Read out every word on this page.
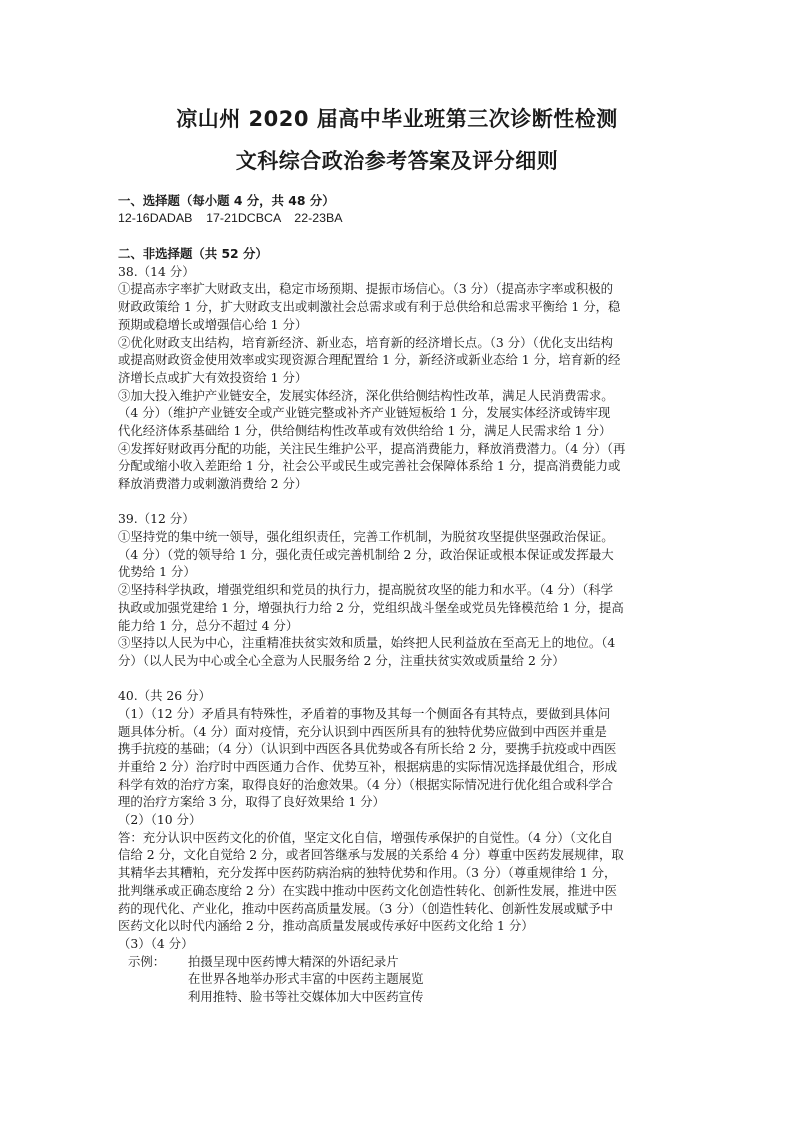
凉山州 2020 届高中毕业班第三次诊断性检测
文科综合政治参考答案及评分细则
一、选择题（每小题 4 分，共 48 分）
12-16DADAB    17-21DCBCA    22-23BA
二、非选择题（共 52 分）
38.（14 分）
①提高赤字率扩大财政支出，稳定市场预期、提振市场信心。（3 分）（提高赤字率或积极的
财政政策给 1 分，扩大财政支出或刺激社会总需求或有利于总供给和总需求平衡给 1 分，稳
预期或稳增长或增强信心给 1 分）
②优化财政支出结构，培育新经济、新业态，培育新的经济增长点。（3 分）（优化支出结构
或提高财政资金使用效率或实现资源合理配置给 1 分，新经济或新业态给 1 分，培育新的经
济增长点或扩大有效投资给 1 分）
③加大投入维护产业链安全，发展实体经济，深化供给侧结构性改革，满足人民消费需求。
（4 分）（维护产业链安全或产业链完整或补齐产业链短板给 1 分，发展实体经济或铸牢现
代化经济体系基础给 1 分，供给侧结构性改革或有效供给给 1 分，满足人民需求给 1 分）
④发挥好财政再分配的功能，关注民生维护公平，提高消费能力，释放消费潜力。（4 分）（再
分配或缩小收入差距给 1 分，社会公平或民生或完善社会保障体系给 1 分，提高消费能力或
释放消费潜力或刺激消费给 2 分）
39.（12 分）
①坚持党的集中统一领导，强化组织责任，完善工作机制，为脱贫攻坚提供坚强政治保证。
（4 分）（党的领导给 1 分，强化责任或完善机制给 2 分，政治保证或根本保证或发挥最大
优势给 1 分）
②坚持科学执政，增强党组织和党员的执行力，提高脱贫攻坚的能力和水平。（4 分）（科学
执政或加强党建给 1 分，增强执行力给 2 分，党组织战斗堡垒或党员先锋模范给 1 分，提高
能力给 1 分，总分不超过 4 分）
③坚持以人民为中心，注重精准扶贫实效和质量，始终把人民利益放在至高无上的地位。（4
分）（以人民为中心或全心全意为人民服务给 2 分，注重扶贫实效或质量给 2 分）
40.（共 26 分）
（1）（12 分）矛盾具有特殊性，矛盾着的事物及其每一个侧面各有其特点，要做到具体问
题具体分析。（4 分）面对疫情，充分认识到中西医所具有的独特优势应做到中西医并重是
携手抗疫的基础；（4 分）（认识到中西医各具优势或各有所长给 2 分，要携手抗疫或中西医
并重给 2 分）治疗时中西医通力合作、优势互补，根据病患的实际情况选择最优组合，形成
科学有效的治疗方案，取得良好的治愈效果。（4 分）（根据实际情况进行优化组合或科学合
理的治疗方案给 3 分，取得了良好效果给 1 分）
（2）（10 分）
答：充分认识中医药文化的价值，坚定文化自信，增强传承保护的自觉性。（4 分）（文化自
信给 2 分，文化自觉给 2 分，或者回答继承与发展的关系给 4 分）尊重中医药发展规律，取
其精华去其糟粕，充分发挥中医药防病治病的独特优势和作用。（3 分）（尊重规律给 1 分，
批判继承或正确态度给 2 分）在实践中推动中医药文化创造性转化、创新性发展，推进中医
药的现代化、产业化，推动中医药高质量发展。（3 分）（创造性转化、创新性发展或赋予中
医药文化以时代内涵给 2 分，推动高质量发展或传承好中医药文化给 1 分）
（3）（4 分）
示例： 拍摄呈现中医药博大精深的外语纪录片
在世界各地举办形式丰富的中医药主题展览
利用推特、脸书等社交媒体加大中医药宣传
